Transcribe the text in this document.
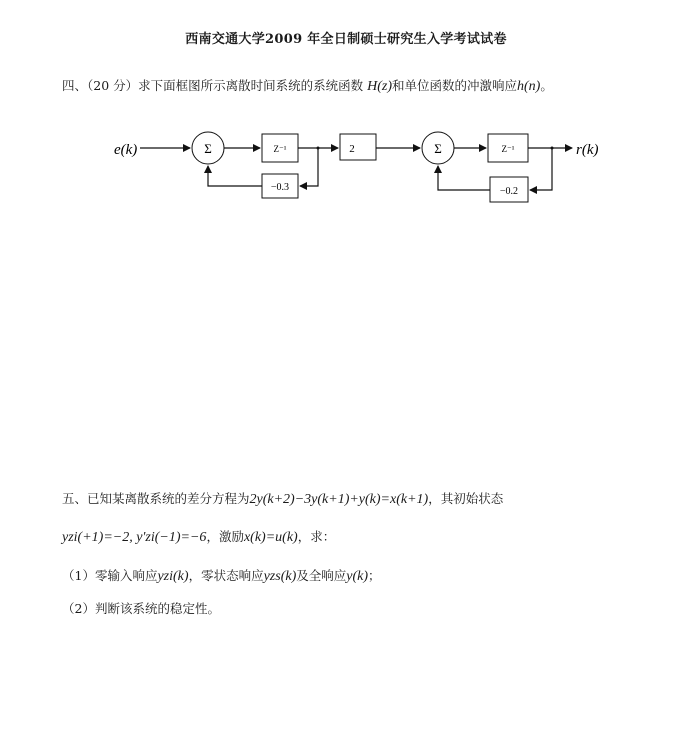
西南交通大学2009 年全日制硕士研究生入学考试试卷
四、（20 分）求下面框图所示离散时间系统的系统函数 H(z)和单位函数的冲激响应h(n)。
e(k)	Σ	Z⁻¹
−0.3
2	Σ	Z⁻¹	r(k)
−0.2
五、已知某离散系统的差分方程为2y(k+2)−3y(k+1)+y(k)=x(k+1)，其初始状态
yzi(+1)=−2, y'zi(−1)=−6，激励x(k)=u(k)，求：
（1）零输入响应yzi(k)，零状态响应yzs(k)及全响应y(k)；
（2）判断该系统的稳定性。
